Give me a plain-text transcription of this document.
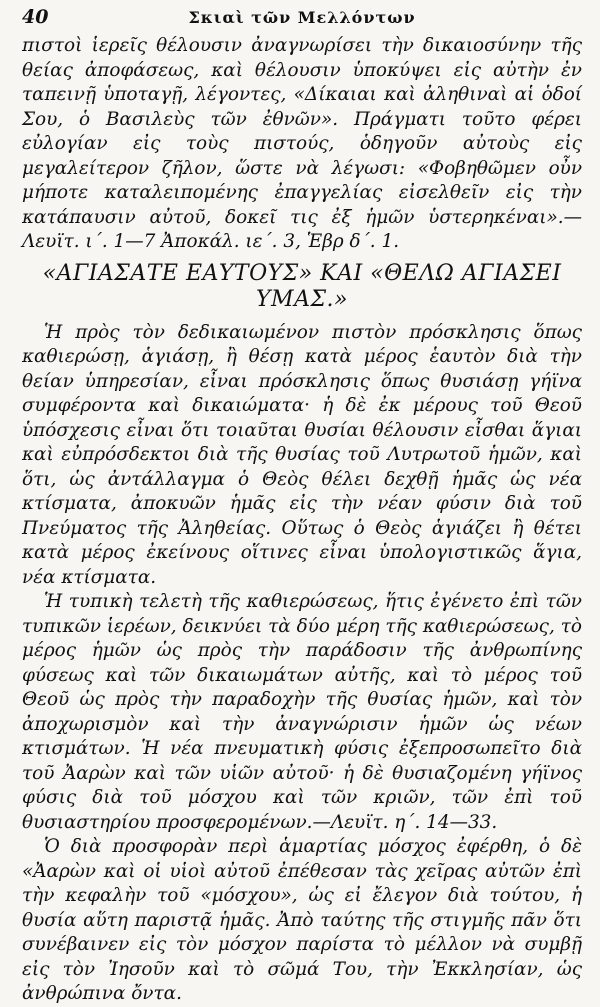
40	Σκιαὶ τῶν Μελλόντων

πιστοὶ ἱερεῖς θέλουσιν ἀναγνωρίσει τὴν δικαιοσύνην τῆς θείας ἀποφάσεως, καὶ θέλουσιν ὑποκύψει εἰς αὐτὴν ἐν ταπεινῇ ὑποταγῇ, λέγοντες, «Δίκαιαι καὶ ἀληθιναὶ αἱ ὁδοί Σου, ὁ Βασιλεὺς τῶν ἐθνῶν». Πράγματι τοῦτο φέρει εὐλογίαν εἰς τοὺς πιστούς, ὁδηγοῦν αὐτοὺς εἰς μεγαλείτερον ζῆλον, ὥστε νὰ λέγωσι: «Φοβηθῶμεν οὖν μήποτε καταλειπομένης ἐπαγγελίας εἰσελθεῖν εἰς τὴν κατάπαυσιν αὐτοῦ, δοκεῖ τις ἐξ ἡμῶν ὑστερηκέναι».—Λευϊτ. ι΄. 1—7 Ἀποκάλ. ιε΄. 3, Ἑβρ δ΄. 1.

«ΑΓΙΑΣΑΤΕ ΕΑΥΤΟΥΣ» ΚΑΙ «ΘΕΛΩ ΑΓΙΑΣΕΙ ΥΜΑΣ.»

Ἡ πρὸς τὸν δεδικαιωμένον πιστὸν πρόσκλησις ὅπως καθιερώσῃ, ἁγιάσῃ, ἢ θέσῃ κατὰ μέρος ἑαυτὸν διὰ τὴν θείαν ὑπηρεσίαν, εἶναι πρόσκλησις ὅπως θυσιάσῃ γήϊνα συμφέροντα καὶ δικαιώματα· ἡ δὲ ἐκ μέρους τοῦ Θεοῦ ὑπόσχεσις εἶναι ὅτι τοιαῦται θυσίαι θέλουσιν εἶσθαι ἅγιαι καὶ εὐπρόσδεκτοι διὰ τῆς θυσίας τοῦ Λυτρωτοῦ ἡμῶν, καὶ ὅτι, ὡς ἀντάλλαγμα ὁ Θεὸς θέλει δεχθῇ ἡμᾶς ὡς νέα κτίσματα, ἀποκυῶν ἡμᾶς εἰς τὴν νέαν φύσιν διὰ τοῦ Πνεύματος τῆς Ἀληθείας. Οὕτως ὁ Θεὸς ἁγιάζει ἢ θέτει κατὰ μέρος ἐκείνους οἵτινες εἶναι ὑπολογιστικῶς ἅγια, νέα κτίσματα.

Ἡ τυπικὴ τελετὴ τῆς καθιερώσεως, ἥτις ἐγένετο ἐπὶ τῶν τυπικῶν ἱερέων, δεικνύει τὰ δύο μέρη τῆς καθιερώσεως, τὸ μέρος ἡμῶν ὡς πρὸς τὴν παράδοσιν τῆς ἀνθρωπίνης φύσεως καὶ τῶν δικαιωμάτων αὐτῆς, καὶ τὸ μέρος τοῦ Θεοῦ ὡς πρὸς τὴν παραδοχὴν τῆς θυσίας ἡμῶν, καὶ τὸν ἀποχωρισμὸν καὶ τὴν ἀναγνώρισιν ἡμῶν ὡς νέων κτισμάτων. Ἡ νέα πνευματικὴ φύσις ἐξεπροσωπεῖτο διὰ τοῦ Ἀαρὼν καὶ τῶν υἱῶν αὐτοῦ· ἡ δὲ θυσιαζομένη γήϊνος φύσις διὰ τοῦ μόσχου καὶ τῶν κριῶν, τῶν ἐπὶ τοῦ θυσιαστηρίου προσφερομένων.—Λευϊτ. η΄. 14—33.

Ὁ διὰ προσφορὰν περὶ ἁμαρτίας μόσχος ἐφέρθη, ὁ δὲ «Ἀαρὼν καὶ οἱ υἱοὶ αὐτοῦ ἐπέθεσαν τὰς χεῖρας αὐτῶν ἐπὶ τὴν κεφαλὴν τοῦ «μόσχου», ὡς εἰ ἔλεγον διὰ τούτου, ἡ θυσία αὕτη παριστᾷ ἡμᾶς. Ἀπὸ ταύτης τῆς στιγμῆς πᾶν ὅτι συνέβαινεν εἰς τὸν μόσχον παρίστα τὸ μέλλον νὰ συμβῇ εἰς τὸν Ἰησοῦν καὶ τὸ σῶμά Του, τὴν Ἐκκλησίαν, ὡς ἀνθρώπινα ὄντα.
